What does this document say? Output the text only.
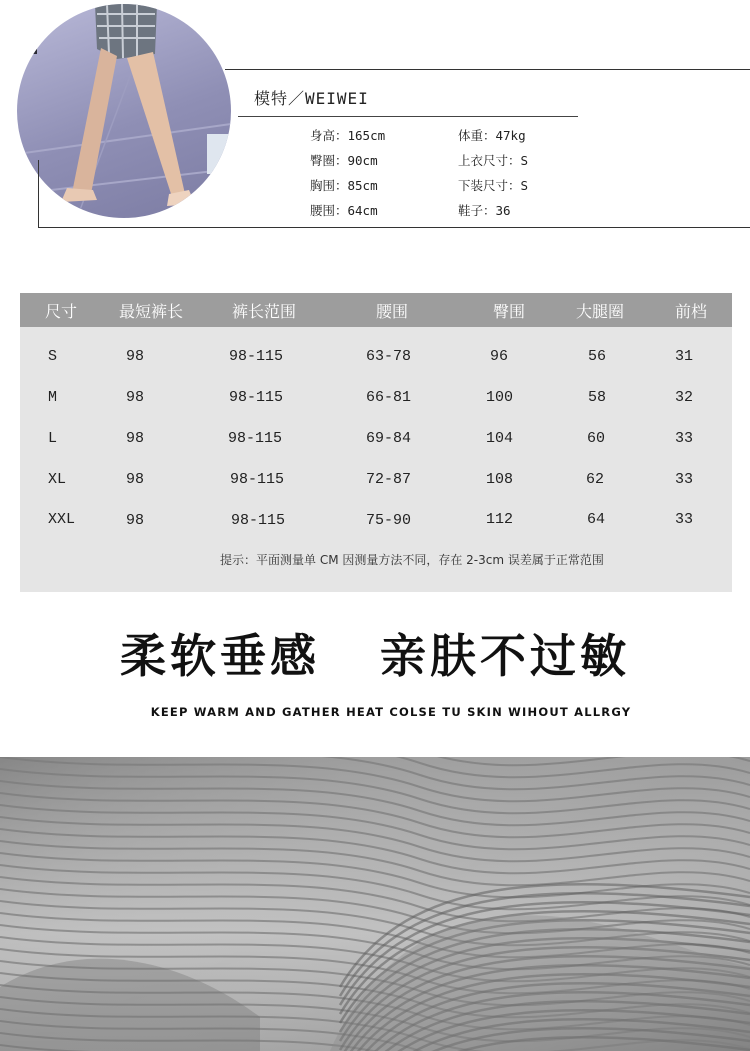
模特／WEIWEI
身高：165cm	体重：47kg
臀圈：90cm	上衣尺寸：S
胸围：85cm	下装尺寸：S
腰围：64cm	鞋子：36
尺寸	最短裤长	裤长范围	腰围	臀围	大腿圈	前档
S	98	98-115	63-78	96	56	31
M	98	98-115	66-81	100	58	32
L	98	98-115	69-84	104	60	33
XL	98	98-115	72-87	108	62	33
XXL	98	98-115	75-90	112	64	33
提示：平面测量单 CM 因测量方法不同，存在 2-3cm 误差属于正常范围
柔软垂感 亲肤不过敏
KEEP WARM AND GATHER HEAT COLSE TU SKIN WIHOUT ALLRGY
